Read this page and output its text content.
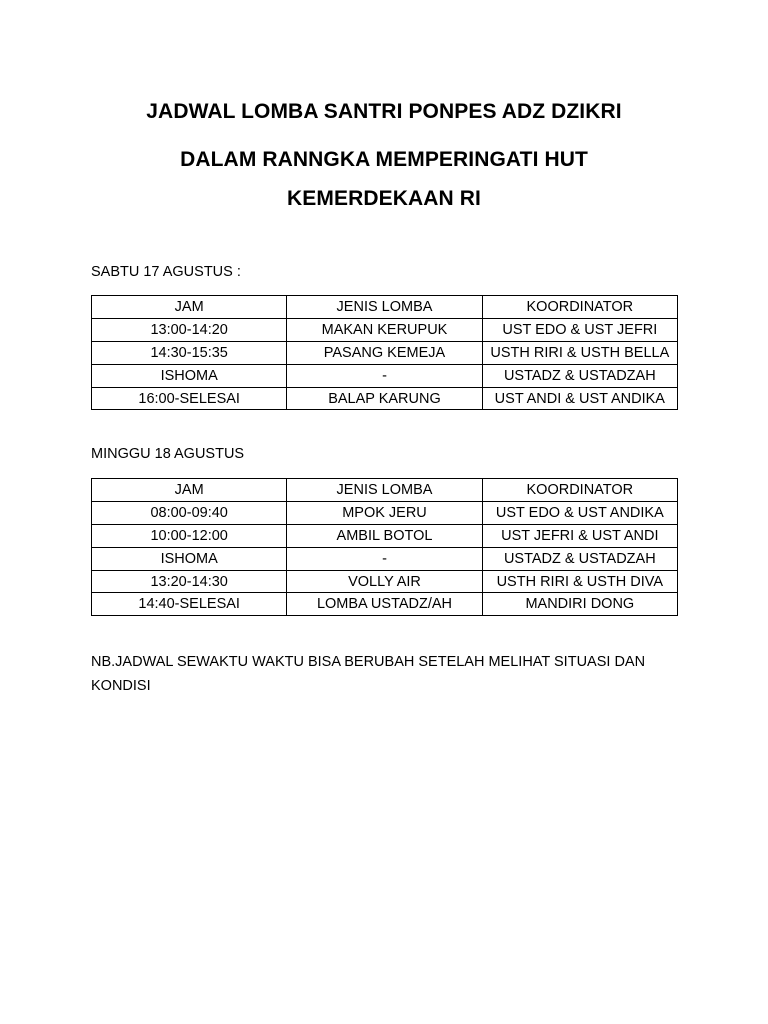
JADWAL LOMBA SANTRI PONPES ADZ DZIKRI
DALAM RANNGKA MEMPERINGATI HUT
KEMERDEKAAN RI
SABTU 17 AGUSTUS :
JAM	JENIS LOMBA	KOORDINATOR
13:00-14:20	MAKAN KERUPUK	UST EDO & UST JEFRI
14:30-15:35	PASANG KEMEJA	USTH RIRI & USTH BELLA
ISHOMA	-	USTADZ & USTADZAH
16:00-SELESAI	BALAP KARUNG	UST ANDI & UST ANDIKA
MINGGU 18 AGUSTUS
JAM	JENIS LOMBA	KOORDINATOR
08:00-09:40	MPOK JERU	UST EDO & UST ANDIKA
10:00-12:00	AMBIL BOTOL	UST JEFRI & UST ANDI
ISHOMA	-	USTADZ & USTADZAH
13:20-14:30	VOLLY AIR	USTH RIRI & USTH DIVA
14:40-SELESAI	LOMBA USTADZ/AH	MANDIRI DONG
NB.JADWAL SEWAKTU WAKTU BISA BERUBAH SETELAH MELIHAT SITUASI DAN
KONDISI
